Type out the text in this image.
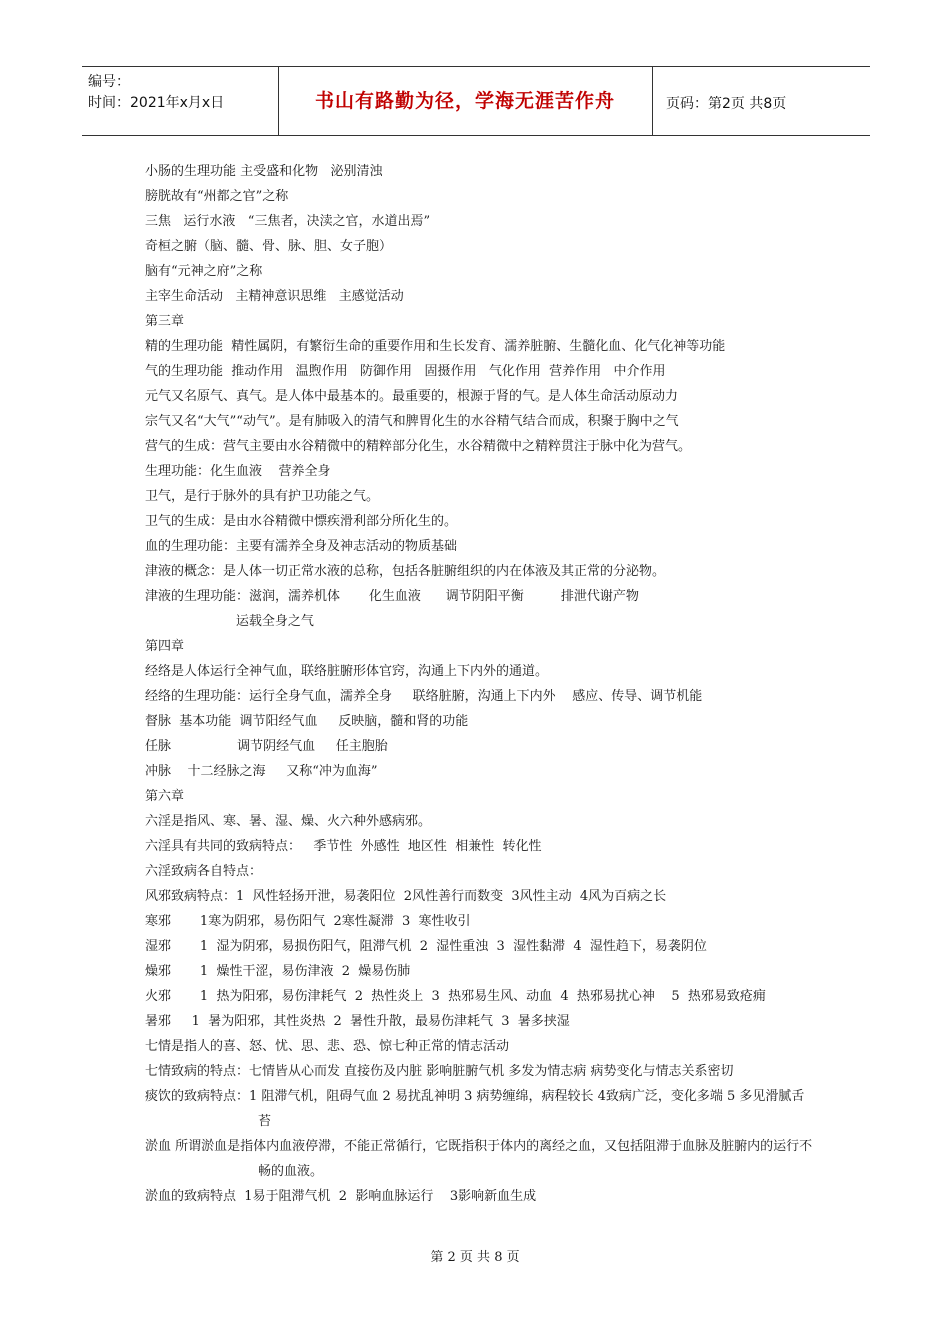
编号：
时间：2021年x月x日	书山有路勤为径，学海无涯苦作舟	页码：第2页 共8页
小肠的生理功能 主受盛和化物   泌别清浊
膀胱故有“州都之官”之称
三焦   运行水液   “三焦者，决渎之官，水道出焉”
奇桓之腑（脑、髓、骨、脉、胆、女子胞）
脑有“元神之府”之称
主宰生命活动   主精神意识思维   主感觉活动
第三章
精的生理功能  精性属阴，有繁衍生命的重要作用和生长发育、濡养脏腑、生髓化血、化气化神等功能
气的生理功能  推动作用   温煦作用   防御作用   固摄作用   气化作用  营养作用   中介作用
元气又名原气、真气。是人体中最基本的。最重要的，根源于肾的气。是人体生命活动原动力
宗气又名“大气”“动气”。是有肺吸入的清气和脾胃化生的水谷精气结合而成，积聚于胸中之气
营气的生成：营气主要由水谷精微中的精粹部分化生，水谷精微中之精粹贯注于脉中化为营气。
生理功能：化生血液    营养全身
卫气，是行于脉外的具有护卫功能之气。
卫气的生成：是由水谷精微中慓疾滑利部分所化生的。
血的生理功能：主要有濡养全身及神志活动的物质基础
津液的概念：是人体一切正常水液的总称，包括各脏腑组织的内在体液及其正常的分泌物。
津液的生理功能：滋润，濡养机体       化生血液      调节阴阳平衡         排泄代谢产物
运载全身之气
第四章
经络是人体运行全神气血，联络脏腑形体官窍，沟通上下内外的通道。
经络的生理功能：运行全身气血，濡养全身     联络脏腑，沟通上下内外    感应、传导、调节机能
督脉  基本功能  调节阳经气血     反映脑，髓和肾的功能
任脉                调节阴经气血     任主胞胎
冲脉    十二经脉之海     又称“冲为血海”
第六章
六淫是指风、寒、暑、湿、燥、火六种外感病邪。
六淫具有共同的致病特点：   季节性  外感性  地区性  相兼性  转化性
六淫致病各自特点：
风邪致病特点：1  风性轻扬开泄，易袭阳位  2风性善行而数变  3风性主动  4风为百病之长
寒邪       1寒为阴邪，易伤阳气  2寒性凝滞  3  寒性收引
湿邪       1  湿为阴邪，易损伤阳气，阻滞气机  2  湿性重浊  3  湿性黏滞  4  湿性趋下，易袭阴位
燥邪       1  燥性干涩，易伤津液  2  燥易伤肺
火邪       1  热为阳邪，易伤津耗气  2  热性炎上  3  热邪易生风、动血  4  热邪易扰心神    5  热邪易致疮痈
暑邪     1  暑为阳邪，其性炎热  2  暑性升散，最易伤津耗气  3  暑多挟湿
七情是指人的喜、怒、忧、思、悲、恐、惊七种正常的情志活动
七情致病的特点：七情皆从心而发 直接伤及内脏 影响脏腑气机 多发为情志病 病势变化与情志关系密切
痰饮的致病特点：1 阻滞气机，阻碍气血 2 易扰乱神明 3 病势缠绵，病程较长 4致病广泛，变化多端 5 多见滑腻舌苔
淤血 所谓淤血是指体内血液停滞，不能正常循行，它既指积于体内的离经之血，又包括阻滞于血脉及脏腑内的运行不畅的血液。
淤血的致病特点  1易于阻滞气机  2  影响血脉运行    3影响新血生成
第 2 页 共 8 页
